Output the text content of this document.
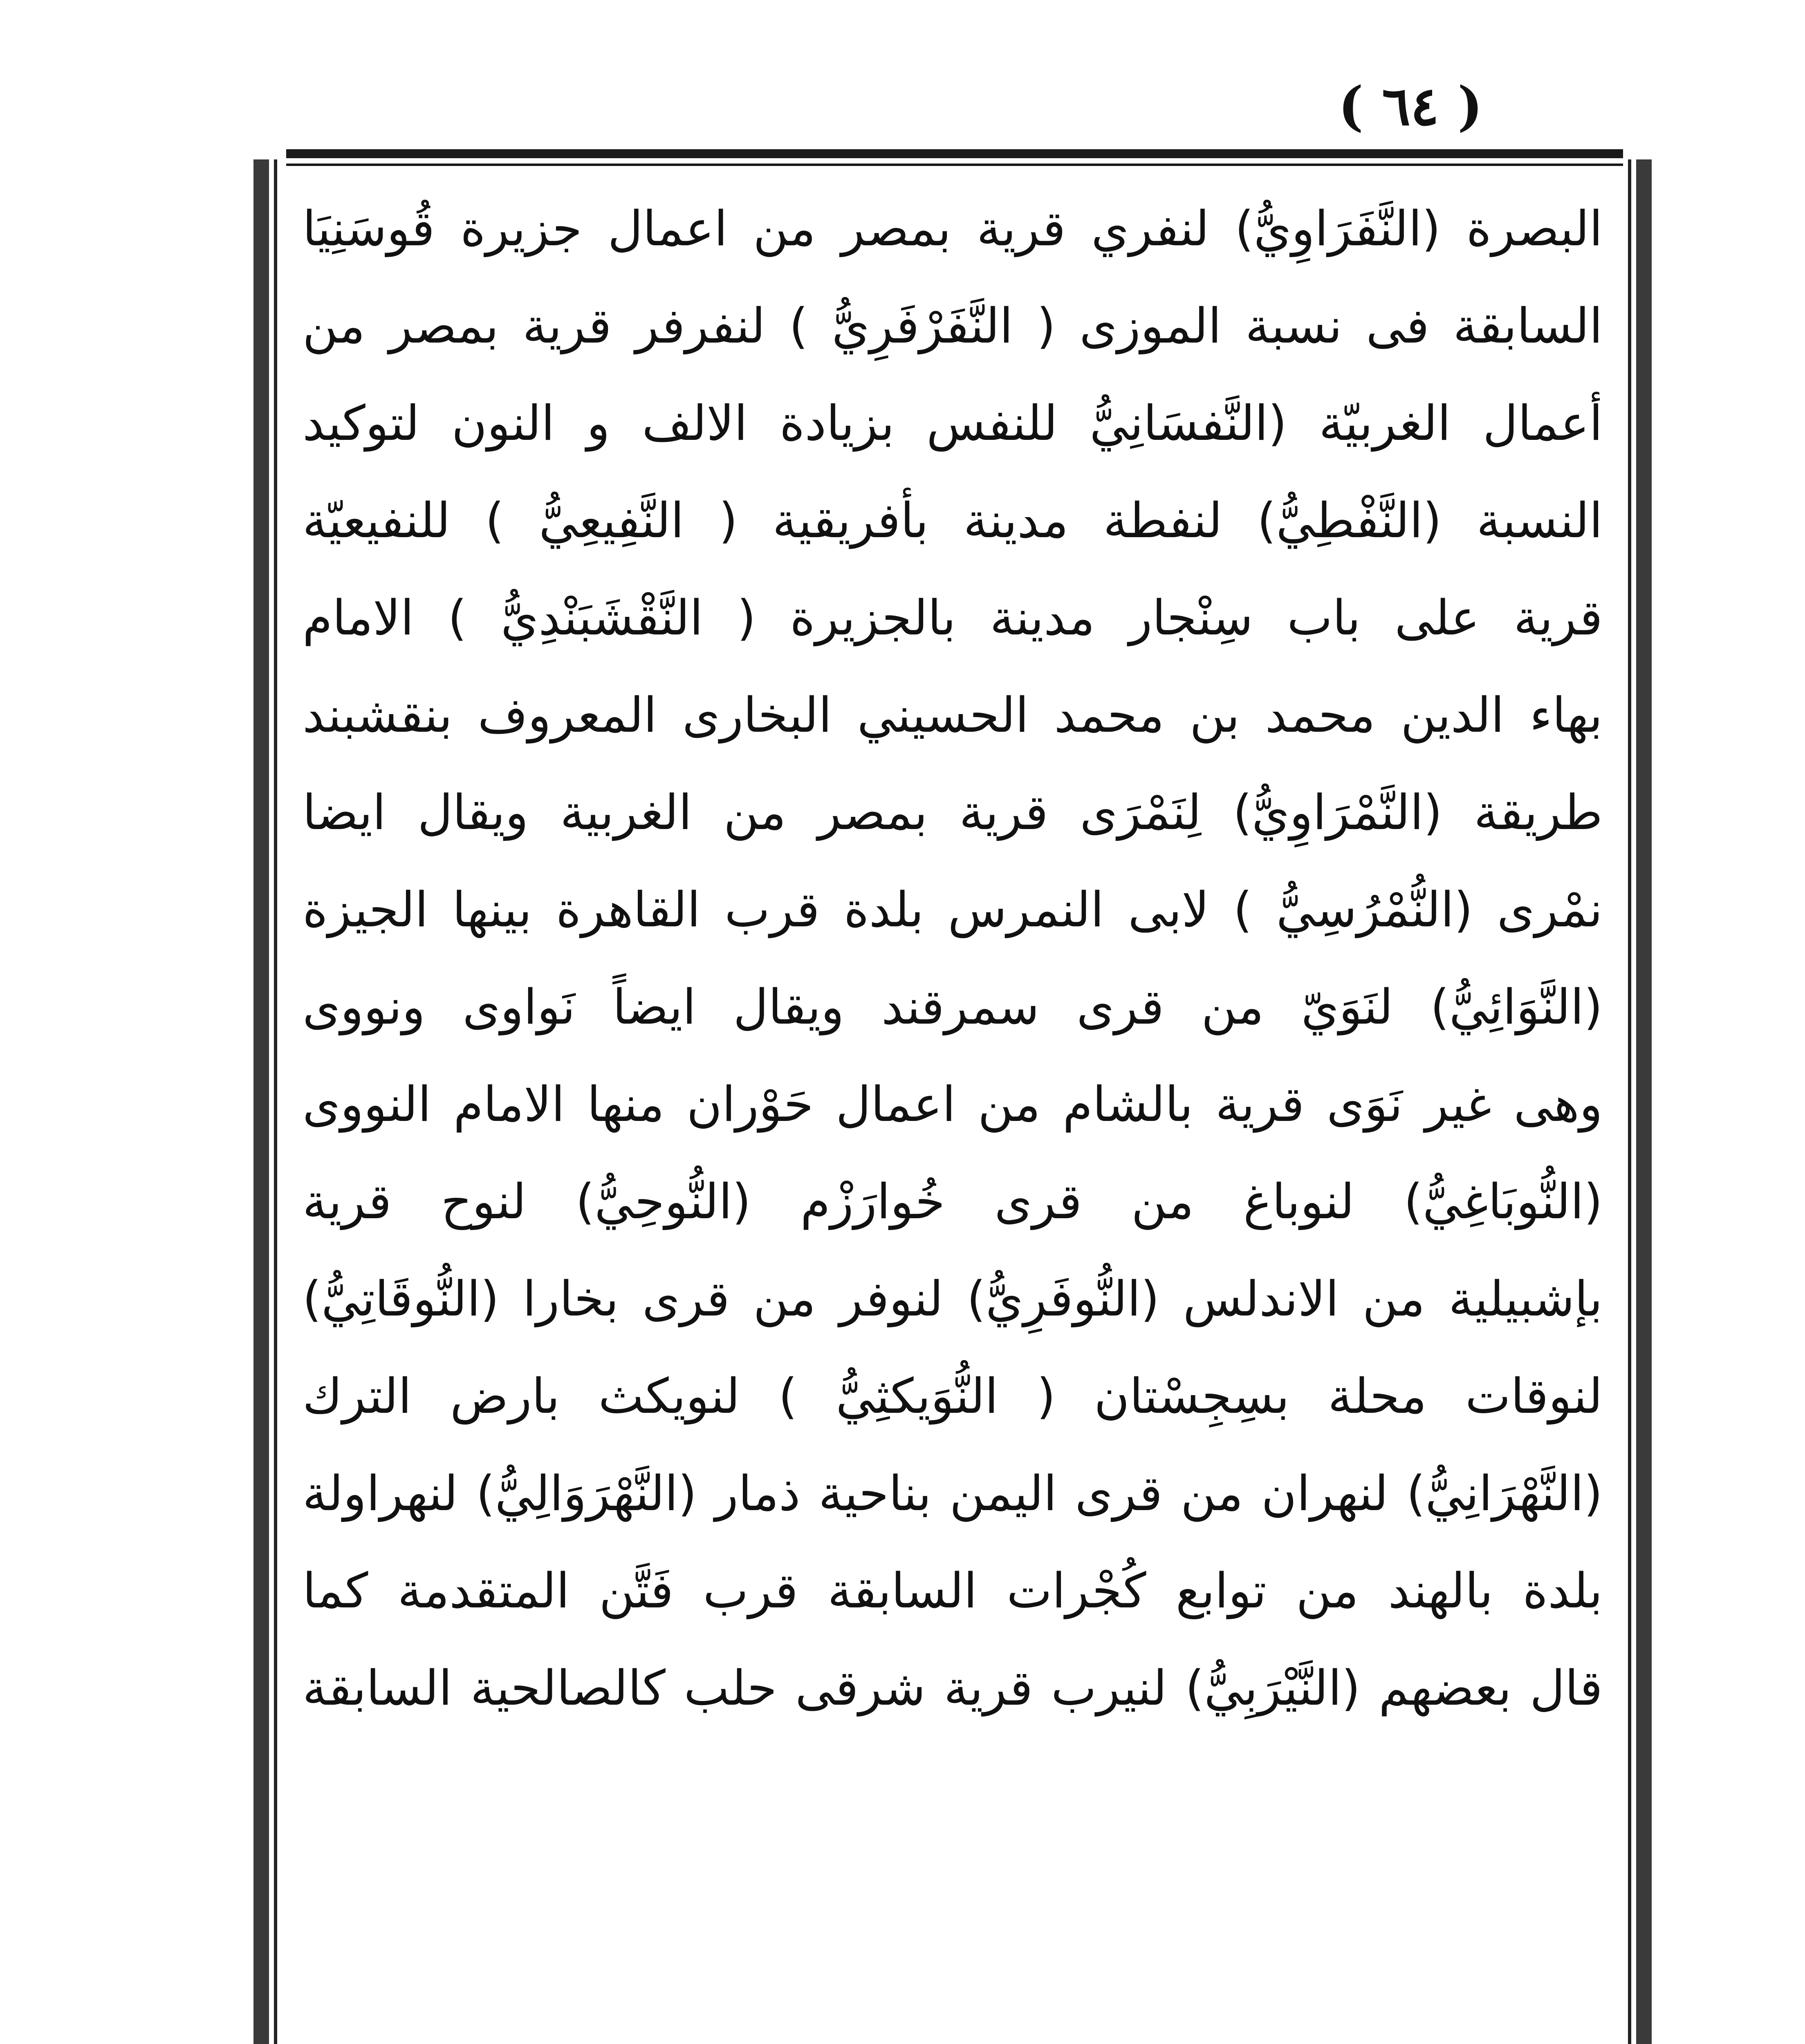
( ٦٤ )
البصرة (النَّفَرَاوِيُّ) لنفري قرية بمصر من اعمال جزيرة قُوسَنِيَا
السابقة فى نسبة الموزى ( النَّفَرْفَرِيُّ ) لنفرفر قرية بمصر من
أعمال الغربيّة (النَّفسَانِيُّ للنفس بزيادة الالف و النون لتوكيد
النسبة (النَّفْطِيُّ) لنفطة مدينة بأفريقية ( النَّفِيعِيُّ ) للنفيعيّة
قرية على باب سِنْجار مدينة بالجزيرة ( النَّقْشَبَنْدِيُّ ) الامام
بهاء الدين محمد بن محمد الحسيني البخارى المعروف بنقشبند
طريقة (النَّمْرَاوِيُّ) لِنَمْرَى قرية بمصر من الغربية ويقال ايضا
نمْرى (النُّمْرُسِيُّ ) لابى النمرس بلدة قرب القاهرة بينها الجيزة
(النَّوَائِيُّ) لنَوَيّ من قرى سمرقند ويقال ايضاً نَواوى ونووى
وهى غير نَوَى قرية بالشام من اعمال حَوْران منها الامام النووى
(النُّوبَاغِيُّ) لنوباغ من قرى خُوارَزْم (النُّوحِيُّ) لنوح قرية
بإشبيلية من الاندلس (النُّوفَرِيُّ) لنوفر من قرى بخارا (النُّوقَاتِيُّ)
لنوقات محلة بسِجِسْتان ( النُّوَيكثِيُّ ) لنويكث بارض الترك
(النَّهْرَانِيُّ) لنهران من قرى اليمن بناحية ذمار (النَّهْرَوَالِيُّ) لنهراولة
بلدة بالهند من توابع كُجْرات السابقة قرب فَتَّن المتقدمة كما
قال بعضهم (النَّيْرَبِيُّ) لنيرب قرية شرقى حلب كالصالحية السابقة
